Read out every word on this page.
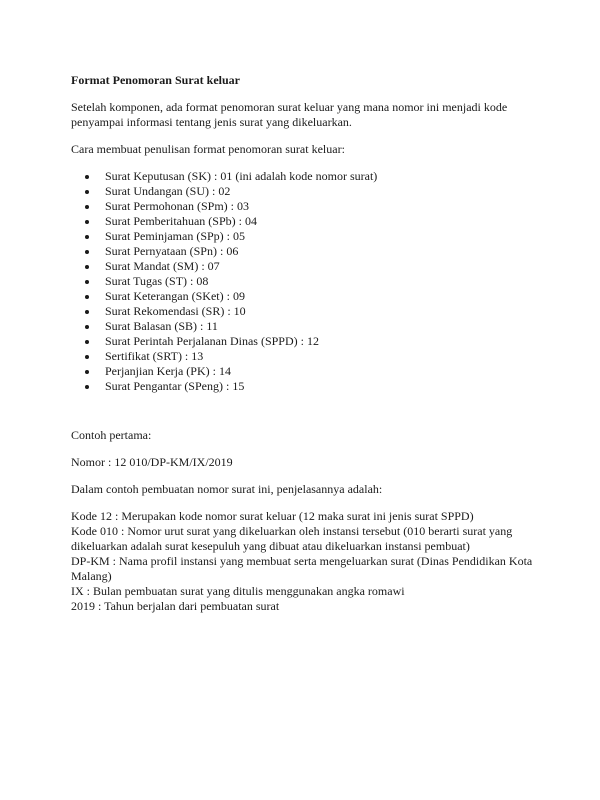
Format Penomoran Surat keluar

Setelah komponen, ada format penomoran surat keluar yang mana nomor ini menjadi kode penyampai informasi tentang jenis surat yang dikeluarkan.

Cara membuat penulisan format penomoran surat keluar:

Surat Keputusan (SK) : 01 (ini adalah kode nomor surat)
Surat Undangan (SU) : 02
Surat Permohonan (SPm) : 03
Surat Pemberitahuan (SPb) : 04
Surat Peminjaman (SPp) : 05
Surat Pernyataan (SPn) : 06
Surat Mandat (SM) : 07
Surat Tugas (ST) : 08
Surat Keterangan (SKet) : 09
Surat Rekomendasi (SR) : 10
Surat Balasan (SB) : 11
Surat Perintah Perjalanan Dinas (SPPD) : 12
Sertifikat (SRT) : 13
Perjanjian Kerja (PK) : 14
Surat Pengantar (SPeng) : 15

Contoh pertama:

Nomor : 12 010/DP-KM/IX/2019

Dalam contoh pembuatan nomor surat ini, penjelasannya adalah:

Kode 12 : Merupakan kode nomor surat keluar (12 maka surat ini jenis surat SPPD)
Kode 010 : Nomor urut surat yang dikeluarkan oleh instansi tersebut (010 berarti surat yang dikeluarkan adalah surat kesepuluh yang dibuat atau dikeluarkan instansi pembuat)
DP-KM : Nama profil instansi yang membuat serta mengeluarkan surat (Dinas Pendidikan Kota Malang)
IX : Bulan pembuatan surat yang ditulis menggunakan angka romawi
2019 : Tahun berjalan dari pembuatan surat
